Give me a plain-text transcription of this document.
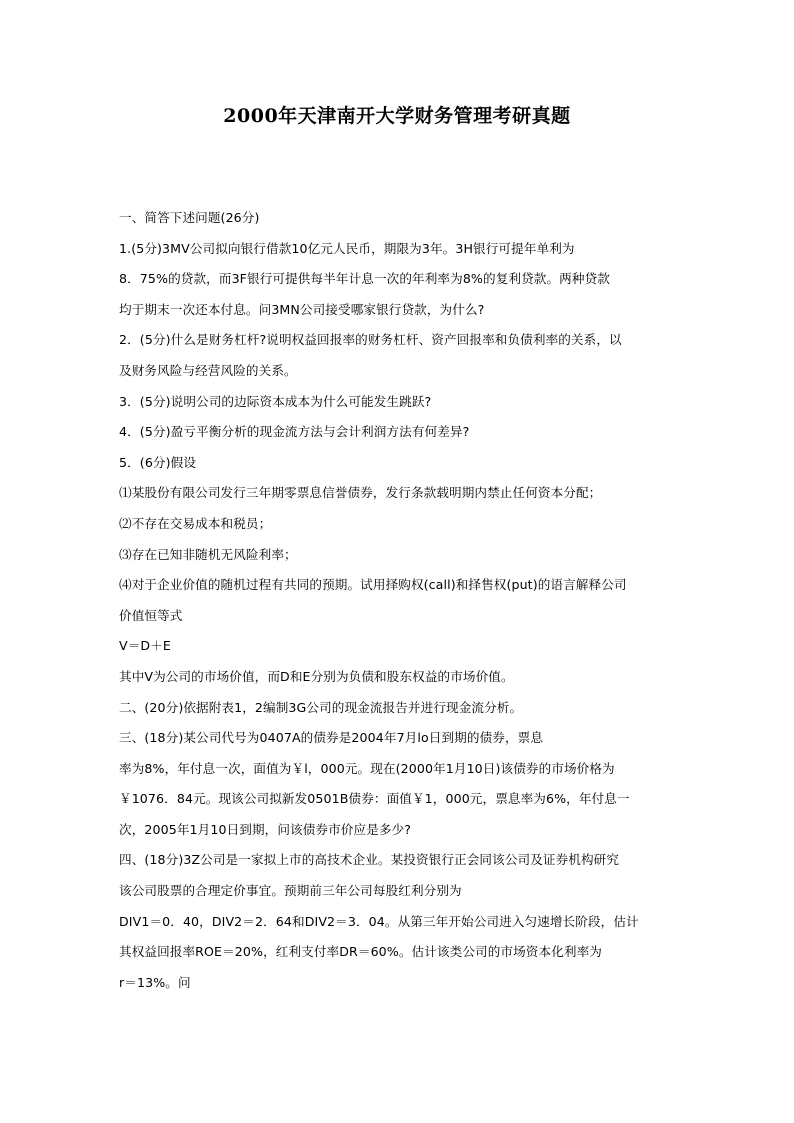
2000年天津南开大学财务管理考研真题
一、简答下述问题(26分)
1.(5分)3MV公司拟向银行借款10亿元人民币，期限为3年。3H银行可提年单利为
8．75%的贷款，而3F银行可提供每半年计息一次的年利率为8%的复利贷款。两种贷款
均于期末一次还本付息。问3MN公司接受哪家银行贷款，为什么?
2．(5分)什么是财务杠杆?说明权益回报率的财务杠杆、资产回报率和负债利率的关系，以
及财务风险与经营风险的关系。
3．(5分)说明公司的边际资本成本为什么可能发生跳跃?
4．(5分)盈亏平衡分析的现金流方法与会计利润方法有何差异?
5．(6分)假设
⑴某股份有限公司发行三年期零票息信誉债券，发行条款载明期内禁止任何资本分配；
⑵不存在交易成本和税员；
⑶存在已知非随机无风险利率；
⑷对于企业价值的随机过程有共同的预期。试用择购权(call)和择售权(put)的语言解释公司
价值恒等式
V＝D＋E
其中V为公司的市场价值，而D和E分别为负债和股东权益的市场价值。
二、(20分)依据附表1，2编制3G公司的现金流报告并进行现金流分析。
三、(18分)某公司代号为0407A的债券是2004年7月lo日到期的债券，票息
率为8%，年付息一次，面值为￥l，000元。现在(2000年1月10日)该债券的市场价格为
￥1076．84元。现该公司拟新发0501B债券：面值￥1，000元，票息率为6%，年付息一
次，2005年1月10日到期，问该债券市价应是多少?
四、(18分)3Z公司是一家拟上市的高技术企业。某投资银行正会同该公司及证券机构研究
该公司股票的合理定价事宜。预期前三年公司每股红利分别为
DIV1＝0．40，DIV2＝2．64和DIV2＝3．04。从第三年开始公司进入匀速增长阶段，估计
其权益回报率ROE＝20%，红利支付率DR＝60%。估计该类公司的市场资本化利率为
r＝13%。问
